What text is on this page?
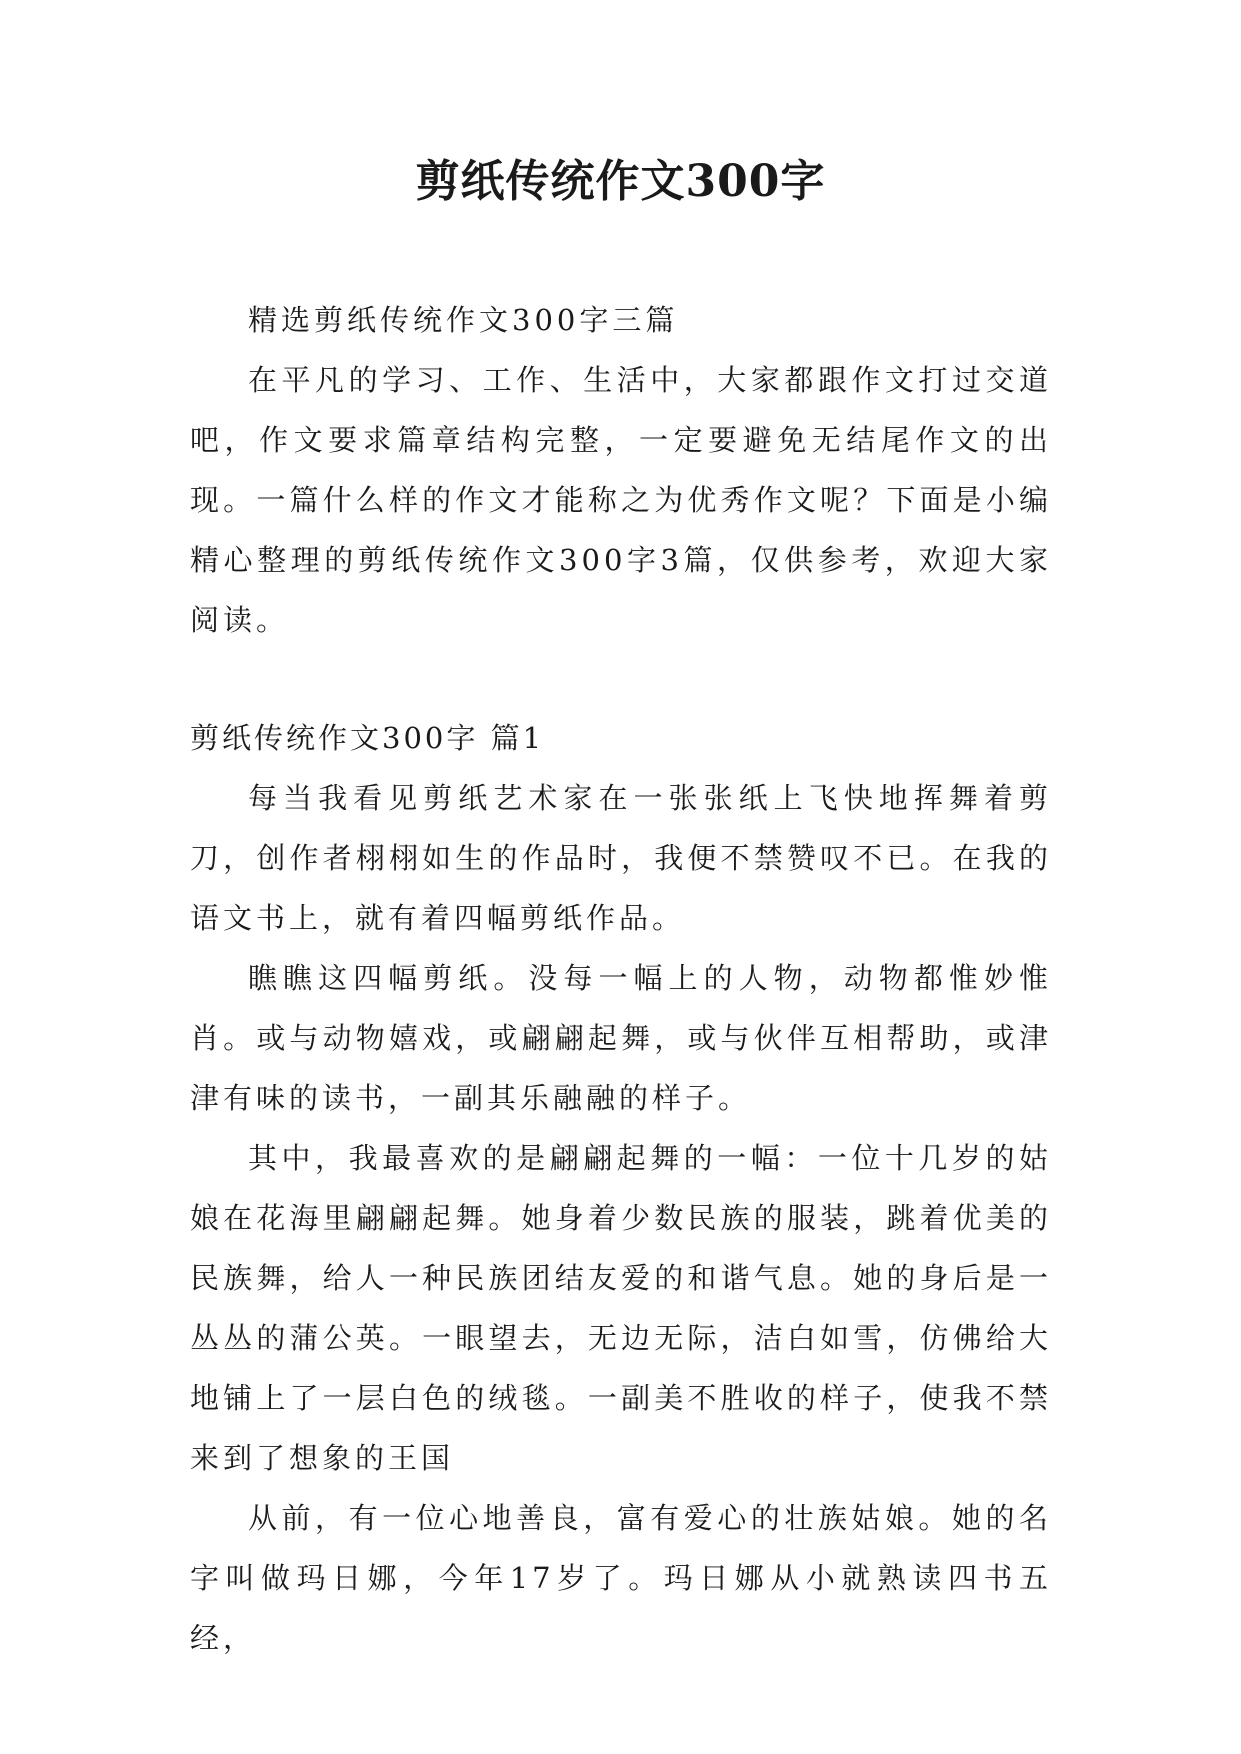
剪纸传统作文300字

精选剪纸传统作文300字三篇

在平凡的学习、工作、生活中，大家都跟作文打过交道吧，作文要求篇章结构完整，一定要避免无结尾作文的出现。一篇什么样的作文才能称之为优秀作文呢？下面是小编精心整理的剪纸传统作文300字3篇，仅供参考，欢迎大家阅读。

剪纸传统作文300字 篇1

每当我看见剪纸艺术家在一张张纸上飞快地挥舞着剪刀，创作者栩栩如生的作品时，我便不禁赞叹不已。在我的语文书上，就有着四幅剪纸作品。

瞧瞧这四幅剪纸。没每一幅上的人物，动物都惟妙惟肖。或与动物嬉戏，或翩翩起舞，或与伙伴互相帮助，或津津有味的读书，一副其乐融融的样子。

其中，我最喜欢的是翩翩起舞的一幅：一位十几岁的姑娘在花海里翩翩起舞。她身着少数民族的服装，跳着优美的民族舞，给人一种民族团结友爱的和谐气息。她的身后是一丛丛的蒲公英。一眼望去，无边无际，洁白如雪，仿佛给大地铺上了一层白色的绒毯。一副美不胜收的样子，使我不禁来到了想象的王国

从前，有一位心地善良，富有爱心的壮族姑娘。她的名字叫做玛日娜，今年17岁了。玛日娜从小就熟读四书五经，
